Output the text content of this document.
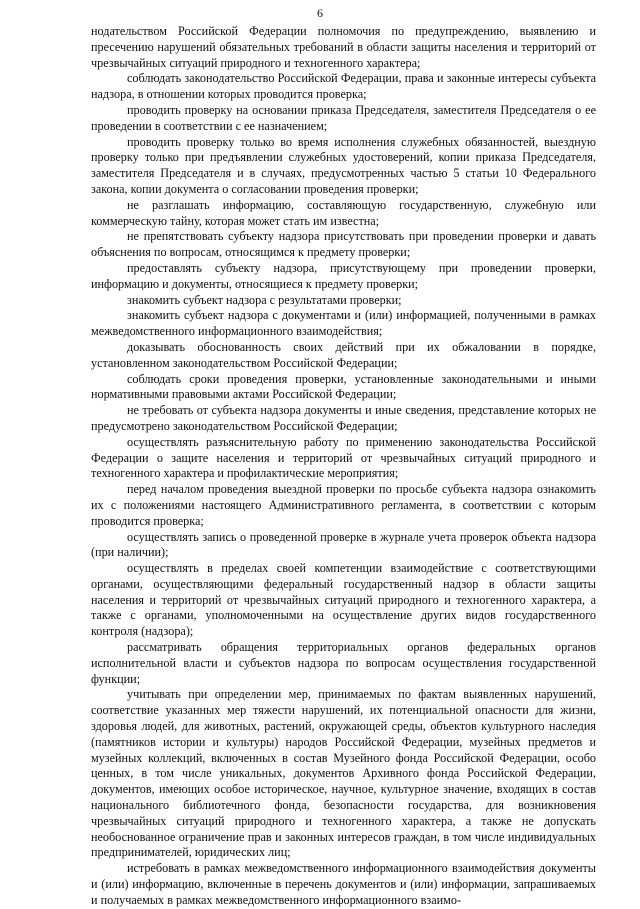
6

нодательством Российской Федерации полномочия по предупреждению, выявлению и пресечению нарушений обязательных требований в области защиты населения и территорий от чрезвычайных ситуаций природного и техногенного характера;

соблюдать законодательство Российской Федерации, права и законные интересы субъекта надзора, в отношении которых проводится проверка;

проводить проверку на основании приказа Председателя, заместителя Председателя о ее проведении в соответствии с ее назначением;

проводить проверку только во время исполнения служебных обязанностей, выездную проверку только при предъявлении служебных удостоверений, копии приказа Председателя, заместителя Председателя и в случаях, предусмотренных частью 5 статьи 10 Федерального закона, копии документа о согласовании проведения проверки;

не разглашать информацию, составляющую государственную, служебную или коммерческую тайну, которая может стать им известна;

не препятствовать субъекту надзора присутствовать при проведении проверки и давать объяснения по вопросам, относящимся к предмету проверки;

предоставлять субъекту надзора, присутствующему при проведении проверки, информацию и документы, относящиеся к предмету проверки;

знакомить субъект надзора с результатами проверки;

знакомить субъект надзора с документами и (или) информацией, полученными в рамках межведомственного информационного взаимодействия;

доказывать обоснованность своих действий при их обжаловании в порядке, установленном законодательством Российской Федерации;

соблюдать сроки проведения проверки, установленные законодательными и иными нормативными правовыми актами Российской Федерации;

не требовать от субъекта надзора документы и иные сведения, представление которых не предусмотрено законодательством Российской Федерации;

осуществлять разъяснительную работу по применению законодательства Российской Федерации о защите населения и территорий от чрезвычайных ситуаций природного и техногенного характера и профилактические мероприятия;

перед началом проведения выездной проверки по просьбе субъекта надзора ознакомить их с положениями настоящего Административного регламента, в соответствии с которым проводится проверка;

осуществлять запись о проведенной проверке в журнале учета проверок объекта надзора (при наличии);

осуществлять в пределах своей компетенции взаимодействие с соответствующими органами, осуществляющими федеральный государственный надзор в области защиты населения и территорий от чрезвычайных ситуаций природного и техногенного характера, а также с органами, уполномоченными на осуществление других видов государственного контроля (надзора);

рассматривать обращения территориальных органов федеральных органов исполнительной власти и субъектов надзора по вопросам осуществления государственной функции;

учитывать при определении мер, принимаемых по фактам выявленных нарушений, соответствие указанных мер тяжести нарушений, их потенциальной опасности для жизни, здоровья людей, для животных, растений, окружающей среды, объектов культурного наследия (памятников истории и культуры) народов Российской Федерации, музейных предметов и музейных коллекций, включенных в состав Музейного фонда Российской Федерации, особо ценных, в том числе уникальных, документов Архивного фонда Российской Федерации, документов, имеющих особое историческое, научное, культурное значение, входящих в состав национального библиотечного фонда, безопасности государства, для возникновения чрезвычайных ситуаций природного и техногенного характера, а также не допускать необоснованное ограничение прав и законных интересов граждан, в том числе индивидуальных предпринимателей, юридических лиц;

истребовать в рамках межведомственного информационного взаимодействия документы и (или) информацию, включенные в перечень документов и (или) информации, запрашиваемых и получаемых в рамках межведомственного информационного взаимо-
